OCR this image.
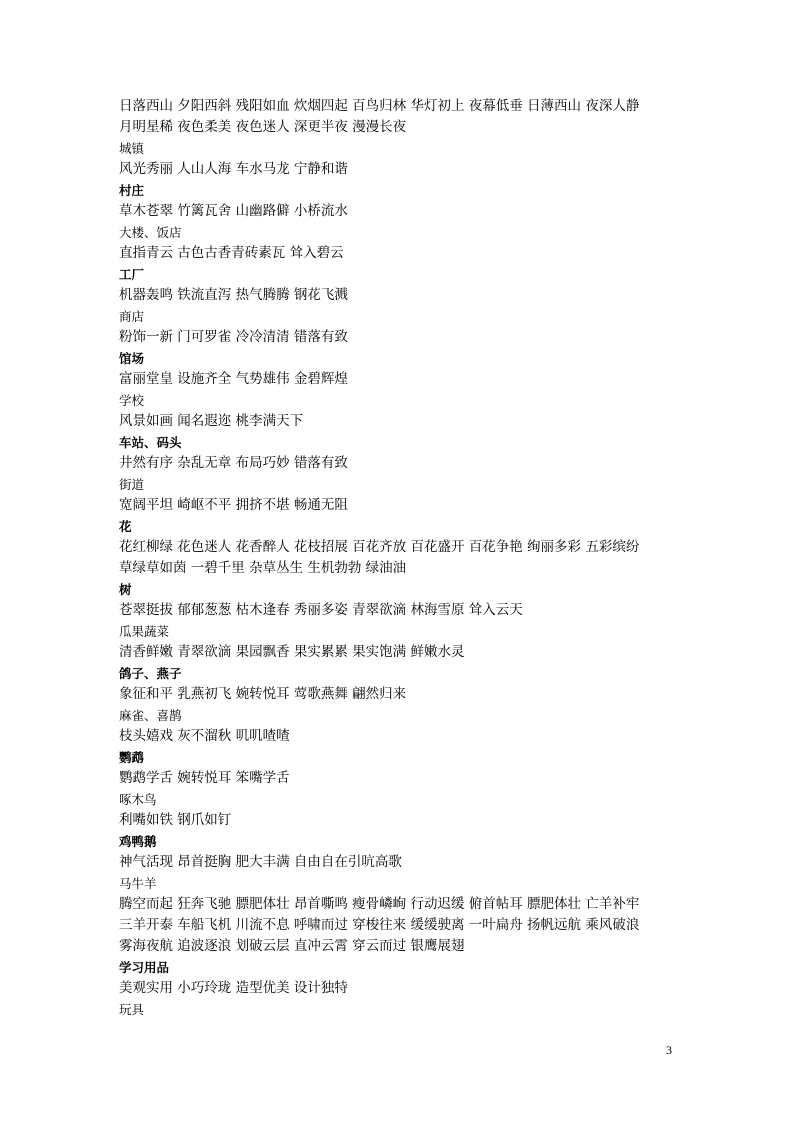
日落西山 夕阳西斜 残阳如血 炊烟四起 百鸟归林 华灯初上 夜幕低垂 日薄西山 夜深人静
月明星稀 夜色柔美 夜色迷人 深更半夜 漫漫长夜
城镇
风光秀丽 人山人海 车水马龙 宁静和谐
村庄
草木苍翠 竹篱瓦舍 山幽路僻 小桥流水
大楼、饭店
直指青云 古色古香青砖素瓦 耸入碧云
工厂
机器轰鸣 铁流直泻 热气腾腾 钢花飞溅
商店
粉饰一新 门可罗雀 冷冷清清 错落有致
馆场
富丽堂皇 设施齐全 气势雄伟 金碧辉煌
学校
风景如画 闻名遐迩 桃李满天下
车站、码头
井然有序 杂乱无章 布局巧妙 错落有致
街道
宽阔平坦 崎岖不平 拥挤不堪 畅通无阻
花
花红柳绿 花色迷人 花香醉人 花枝招展 百花齐放 百花盛开 百花争艳 绚丽多彩 五彩缤纷
草绿草如茵 一碧千里 杂草丛生 生机勃勃 绿油油
树
苍翠挺拔 郁郁葱葱 枯木逢春 秀丽多姿 青翠欲滴 林海雪原 耸入云天
瓜果蔬菜
清香鲜嫩 青翠欲滴 果园飘香 果实累累 果实饱满 鲜嫩水灵
鸽子、燕子
象征和平 乳燕初飞 婉转悦耳 莺歌燕舞 翩然归来
麻雀、喜鹊
枝头嬉戏 灰不溜秋 叽叽喳喳
鹦鹉
鹦鹉学舌 婉转悦耳 笨嘴学舌
啄木鸟
利嘴如铁 钢爪如钉
鸡鸭鹅
神气活现 昂首挺胸 肥大丰满 自由自在引吭高歌
马牛羊
腾空而起 狂奔飞驰 膘肥体壮 昂首嘶鸣 瘦骨嶙峋 行动迟缓 俯首帖耳 膘肥体壮 亡羊补牢
三羊开泰 车船飞机 川流不息 呼啸而过 穿梭往来 缓缓驶离 一叶扁舟 扬帆远航 乘风破浪
雾海夜航 追波逐浪 划破云层 直冲云霄 穿云而过 银鹰展翅
学习用品
美观实用 小巧玲珑 造型优美 设计独特
玩具
3
